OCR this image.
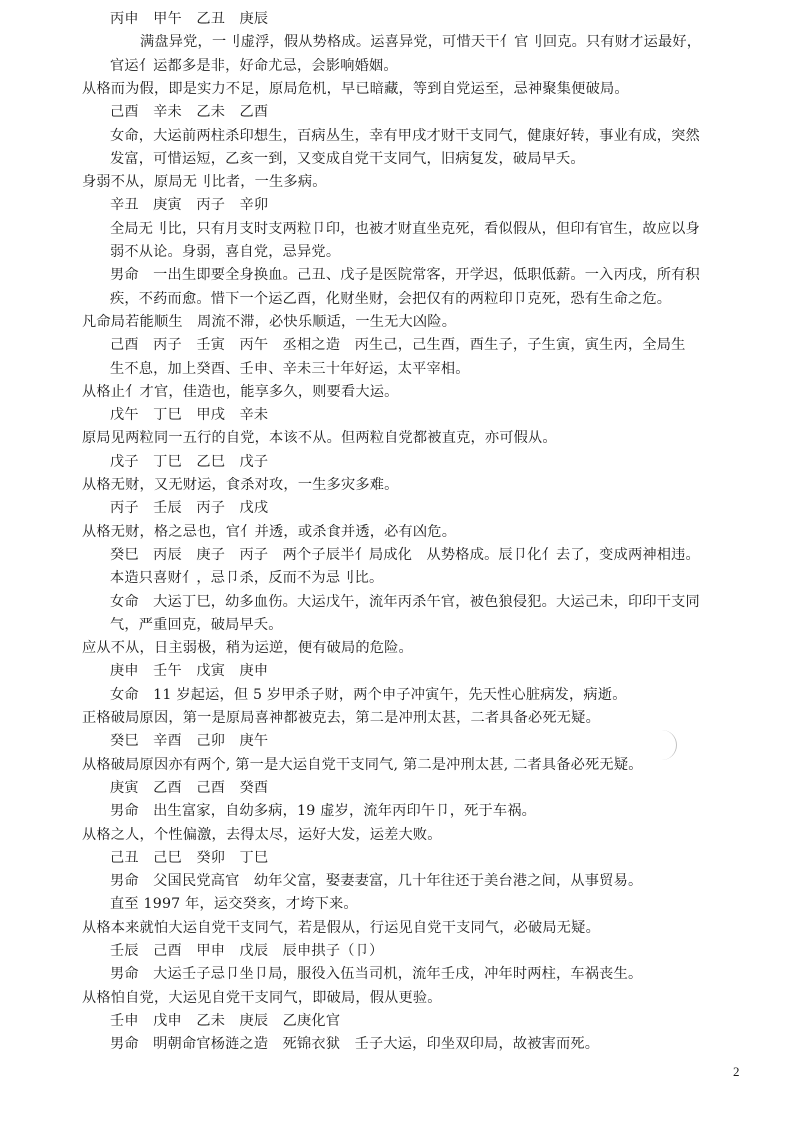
丙申　甲午　乙丑　庚辰
满盘异党，一刂虚浮，假从势格成。运喜异党，可惜天干亻官刂回克。只有财才运最好，
官运亻运都多是非，好命尤忌，会影响婚姻。
从格而为假，即是实力不足，原局危机，早已暗藏，等到自党运至，忌神聚集便破局。
己酉　辛未　乙未　乙酉
女命，大运前两柱杀印想生，百病丛生，幸有甲戌才财干支同气，健康好转，事业有成，突然
发富，可惜运短，乙亥一到，又变成自党干支同气，旧病复发，破局早夭。
身弱不从，原局无刂比者，一生多病。
辛丑　庚寅　丙子　辛卯
全局无刂比，只有月支时支两粒卩印，也被才财直坐克死，看似假从，但印有官生，故应以身
弱不从论。身弱，喜自党，忌异党。
男命　一出生即要全身换血。己丑、戊子是医院常客，开学迟，低职低薪。一入丙戌，所有积
疾，不药而愈。惜下一个运乙酉，化财坐财，会把仅有的两粒印卩克死，恐有生命之危。
凡命局若能顺生　周流不滞，必快乐顺适，一生无大凶险。
己酉　丙子　壬寅　丙午　丞相之造　丙生己，己生酉，酉生子，子生寅，寅生丙，全局生
生不息，加上癸酉、壬申、辛未三十年好运，太平宰相。
从格止亻才官，佳造也，能享多久，则要看大运。
戊午　丁巳　甲戌　辛未
原局见两粒同一五行的自党，本该不从。但两粒自党都被直克，亦可假从。
戊子　丁巳　乙巳　戊子
从格无财，又无财运，食杀对攻，一生多灾多难。
丙子　壬辰　丙子　戊戌
从格无财，格之忌也，官亻并透，或杀食并透，必有凶危。
癸巳　丙辰　庚子　丙子　两个子辰半亻局成化　从势格成。辰卩化亻去了，变成两神相违。
本造只喜财亻，忌卩杀，反而不为忌刂比。
女命　大运丁巳，幼多血伤。大运戊午，流年丙杀午官，被色狼侵犯。大运己未，印印干支同
气，严重回克，破局早夭。
应从不从，日主弱极，稍为运逆，便有破局的危险。
庚申　壬午　戊寅　庚申
女命　11 岁起运，但 5 岁甲杀子财，两个申子冲寅午，先天性心脏病发，病逝。
正格破局原因，第一是原局喜神都被克去，第二是冲刑太甚，二者具备必死无疑。
癸巳　辛酉　己卯　庚午
从格破局原因亦有两个, 第一是大运自党干支同气, 第二是冲刑太甚, 二者具备必死无疑。
庚寅　乙酉　己酉　癸酉
男命　出生富家，自幼多病，19 虚岁，流年丙印午卩，死于车祸。
从格之人，个性偏激，去得太尽，运好大发，运差大败。
己丑　己巳　癸卯　丁巳
男命　父国民党高官　幼年父富，娶妻妻富，几十年往还于美台港之间，从事贸易。
直至 1997 年，运交癸亥，才垮下来。
从格本来就怕大运自党干支同气，若是假从，行运见自党干支同气，必破局无疑。
壬辰　己酉　甲申　戊辰　辰申拱子（卩）
男命　大运壬子忌卩坐卩局，服役入伍当司机，流年壬戌，冲年时两柱，车祸丧生。
从格怕自党，大运见自党干支同气，即破局，假从更验。
壬申　戊申　乙未　庚辰　乙庚化官
男命　明朝命官杨涟之造　死锦衣狱　壬子大运，印坐双印局，故被害而死。
2
